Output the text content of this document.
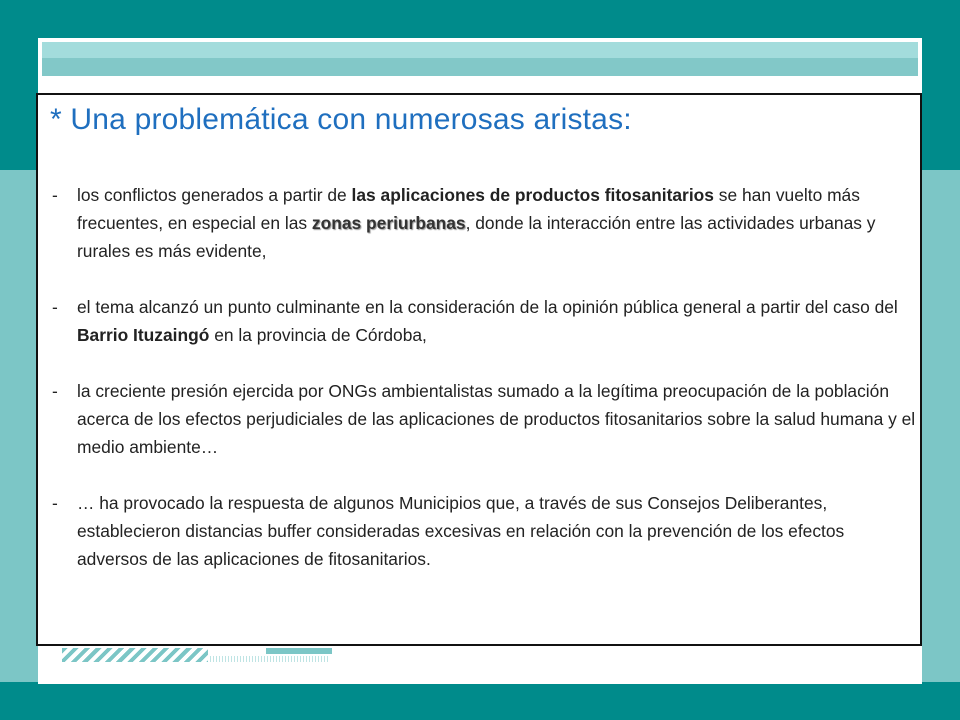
* Una problemática con numerosas aristas:
- los conflictos generados a partir de las aplicaciones de productos fitosanitarios se han vuelto más frecuentes, en especial en las zonas periurbanas, donde la interacción entre las actividades urbanas y rurales es más evidente,
- el tema alcanzó un punto culminante en la consideración de la opinión pública general a partir del caso del Barrio Ituzaingó en la provincia de Córdoba,
- la creciente presión ejercida por ONGs ambientalistas sumado a la legítima preocupación de la población acerca de los efectos perjudiciales de las aplicaciones de productos fitosanitarios sobre la salud humana y el medio ambiente…
- … ha provocado la respuesta de algunos Municipios que, a través de sus Consejos Deliberantes, establecieron distancias buffer consideradas excesivas en relación con la prevención de los efectos adversos de las aplicaciones de fitosanitarios.
